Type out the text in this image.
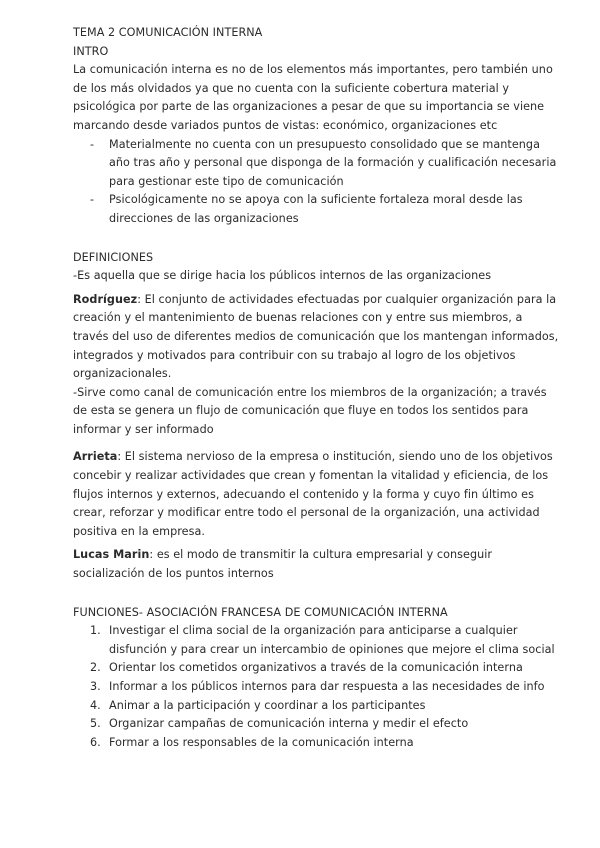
TEMA 2 COMUNICACIÓN INTERNA

INTRO

La comunicación interna es no de los elementos más importantes, pero también uno de los más olvidados ya que no cuenta con la suficiente cobertura material y psicológica por parte de las organizaciones a pesar de que su importancia se viene marcando desde variados puntos de vistas: económico, organizaciones etc

- Materialmente no cuenta con un presupuesto consolidado que se mantenga año tras año y personal que disponga de la formación y cualificación necesaria para gestionar este tipo de comunicación
- Psicológicamente no se apoya con la suficiente fortaleza moral desde las direcciones de las organizaciones

DEFINICIONES

-Es aquella que se dirige hacia los públicos internos de las organizaciones

Rodríguez: El conjunto de actividades efectuadas por cualquier organización para la creación y el mantenimiento de buenas relaciones con y entre sus miembros, a través del uso de diferentes medios de comunicación que los mantengan informados, integrados y motivados para contribuir con su trabajo al logro de los objetivos organizacionales.

-Sirve como canal de comunicación entre los miembros de la organización; a través de esta se genera un flujo de comunicación que fluye en todos los sentidos para informar y ser informado

Arrieta: El sistema nervioso de la empresa o institución, siendo uno de los objetivos concebir y realizar actividades que crean y fomentan la vitalidad y eficiencia, de los flujos internos y externos, adecuando el contenido y la forma y cuyo fin último es crear, reforzar y modificar entre todo el personal de la organización, una actividad positiva en la empresa.

Lucas Marin: es el modo de transmitir la cultura empresarial y conseguir socialización de los puntos internos

FUNCIONES- ASOCIACIÓN FRANCESA DE COMUNICACIÓN INTERNA

1. Investigar el clima social de la organización para anticiparse a cualquier disfunción y para crear un intercambio de opiniones que mejore el clima social
2. Orientar los cometidos organizativos a través de la comunicación interna
3. Informar a los públicos internos para dar respuesta a las necesidades de info
4. Animar a la participación y coordinar a los participantes
5. Organizar campañas de comunicación interna y medir el efecto
6. Formar a los responsables de la comunicación interna
